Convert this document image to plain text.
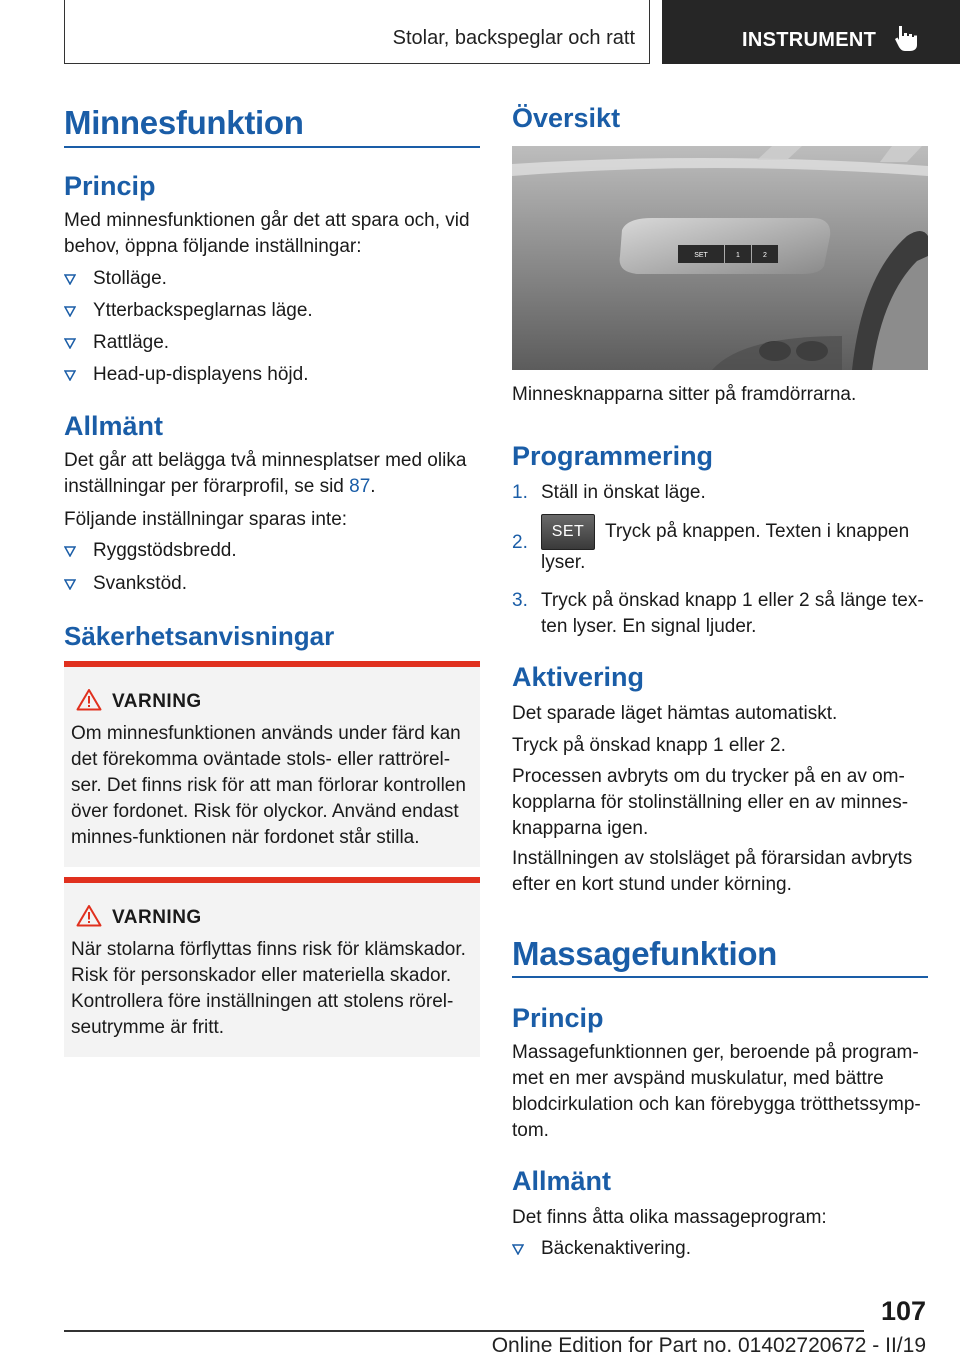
Stolar, backspeglar och ratt	INSTRUMENT
Minnesfunktion
Princip
Med minnesfunktionen går det att spara och, vid behov, öppna följande inställningar:
Stolläge.
Ytterbackspeglarnas läge.
Rattläge.
Head-up-displayens höjd.
Allmänt
Det går att belägga två minnesplatser med olika inställningar per förarprofil, se sid 87.
Följande inställningar sparas inte:
Ryggstödsbredd.
Svankstöd.
Säkerhetsanvisningar
VARNING
Om minnesfunktionen används under färd kan det förekomma oväntade stols- eller rattrörel-ser. Det finns risk för att man förlorar kontrollen över fordonet. Risk för olyckor. Använd endast minnes-funktionen när fordonet står stilla.
VARNING
När stolarna förflyttas finns risk för klämskador. Risk för personskador eller materiella skador. Kontrollera före inställningen att stolens rörel-seutrymme är fritt.
Översikt
SET	1	2
Minnesknapparna sitter på framdörrarna.
Programmering
1. Ställ in önskat läge.
2.
SET Tryck på knappen. Texten i knappen lyser.
3. Tryck på önskad knapp 1 eller 2 så länge tex-ten lyser. En signal ljuder.
Aktivering
Det sparade läget hämtas automatiskt.
Tryck på önskad knapp 1 eller 2.
Processen avbryts om du trycker på en av om-kopplarna för stolinställning eller en av minnes-knapparna igen.
Inställningen av stolsläget på förarsidan avbryts efter en kort stund under körning.
Massagefunktion
Princip
Massagefunktionnen ger, beroende på program-met en mer avspänd muskulatur, med bättre blodcirkulation och kan förebygga trötthetssymp-tom.
Allmänt
Det finns åtta olika massageprogram:
Bäckenaktivering.
107
Online Edition for Part no. 01402720672 - II/19
